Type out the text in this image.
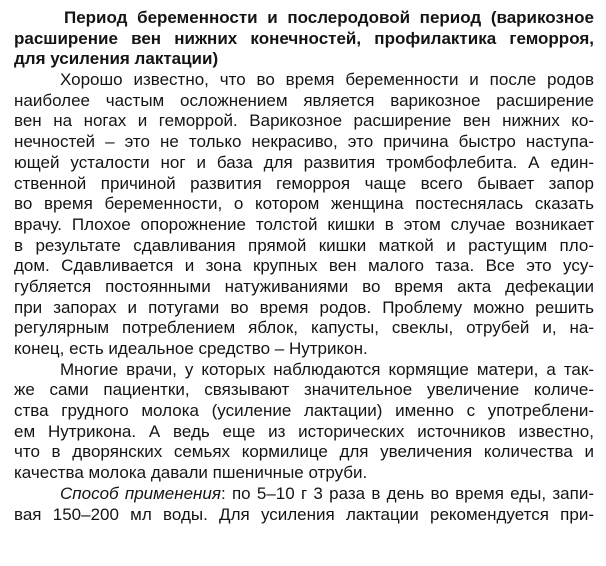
Период беременности и послеродовой период (варикозное
расширение вен нижних конечностей, профилактика геморроя,
для усиления лактации)
Хорошо известно, что во время беременности и после родов
наиболее частым осложнением является варикозное расширение
вен на ногах и геморрой. Варикозное расширение вен нижних ко-
нечностей – это не только некрасиво, это причина быстро наступа-
ющей усталости ног и база для развития тромбофлебита. А един-
ственной причиной развития геморроя чаще всего бывает запор
во время беременности, о котором женщина постеснялась сказать
врачу. Плохое опорожнение толстой кишки в этом случае возникает
в результате сдавливания прямой кишки маткой и растущим пло-
дом. Сдавливается и зона крупных вен малого таза. Все это усу-
губляется постоянными натуживаниями во время акта дефекации
при запорах и потугами во время родов. Проблему можно решить
регулярным потреблением яблок, капусты, свеклы, отрубей и, на-
конец, есть идеальное средство – Нутрикон.
Многие врачи, у которых наблюдаются кормящие матери, а так-
же сами пациентки, связывают значительное увеличение количе-
ства грудного молока (усиление лактации) именно с употреблени-
ем Нутрикона. А ведь еще из исторических источников известно,
что в дворянских семьях кормилице для увеличения количества и
качества молока давали пшеничные отруби.
Способ применения: по 5–10 г 3 раза в день во время еды, запи-
вая 150–200 мл воды. Для усиления лактации рекомендуется при-
